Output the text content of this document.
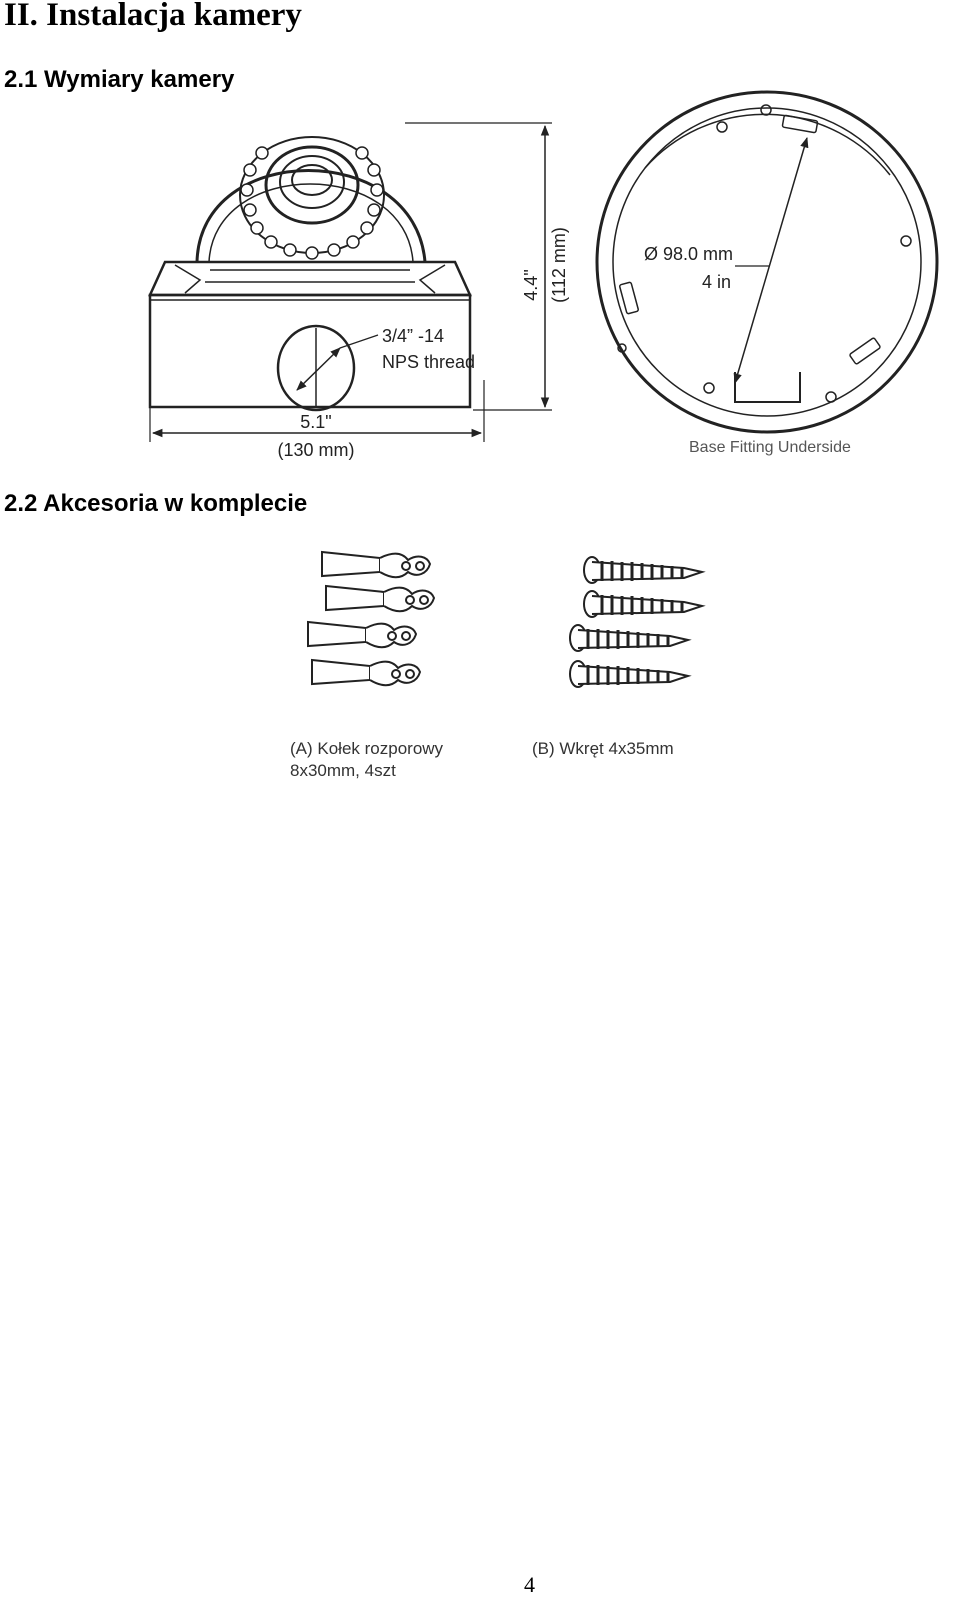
II. Instalacja kamery
2.1 Wymiary kamery
2.2 Akcesoria w komplecie
3/4” -14
NPS thread
4.4" (112 mm)
5.1"
(130 mm)
Ø 98.0 mm
4 in
Base Fitting Underside
(A) Kołek rozporowy
8x30mm, 4szt
(B) Wkręt 4x35mm
4
